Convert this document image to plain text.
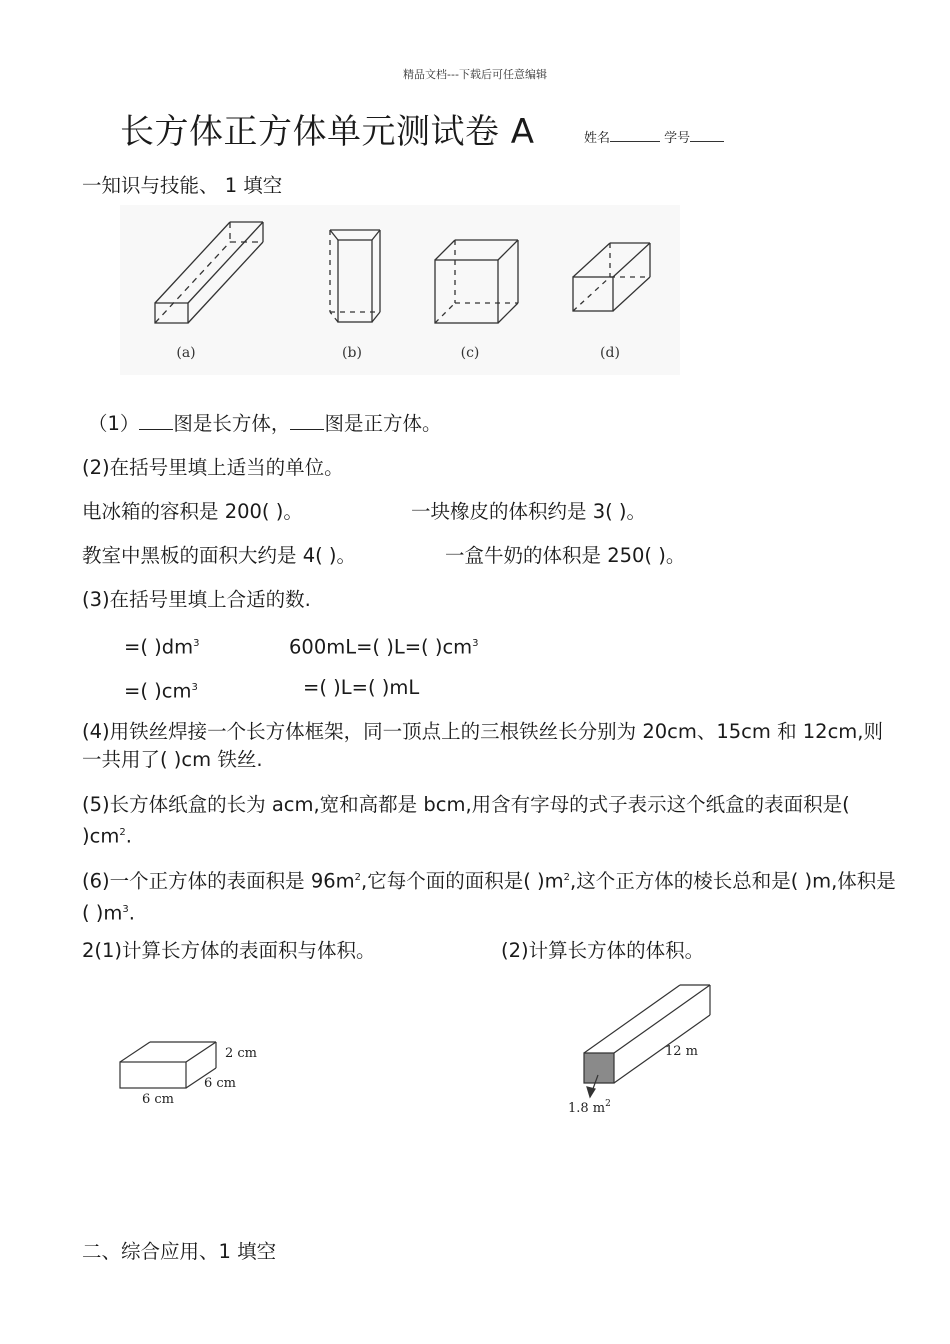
精品文档---下载后可任意编辑
长方体正方体单元测试卷 A	姓名	学号
一知识与技能、 1 填空
(a)	(b)	(c)	(d)
（1） 图是长方体， 图是正方体。
(2)在括号里填上适当的单位。
电冰箱的容积是 200( )。	一块橡皮的体积约是 3( )。
教室中黑板的面积大约是 4( )。	一盒牛奶的体积是 250( )。
(3)在括号里填上合适的数.
=( )$dm^3$	600mL=( )L=( )$cm^3$
=( )$cm^3$	=( )L=( )mL
(4)用铁丝焊接一个长方体框架，同一顶点上的三根铁丝长分别为 20cm、15cm 和 12cm,则一共用了( )cm 铁丝.
(5)长方体纸盒的长为 acm,宽和高都是 bcm,用含有字母的式子表示这个纸盒的表面积是( )$cm^2$.
(6)一个正方体的表面积是 $96m^2$,它每个面的面积是( )$m^2$,这个正方体的棱长总和是( )m,体积是( )$m^3$.
2(1)计算长方体的表面积与体积。	(2)计算长方体的体积。
2 cm
6 cm
6 cm
12 m
1.8 $m^2$
二、综合应用、1 填空
